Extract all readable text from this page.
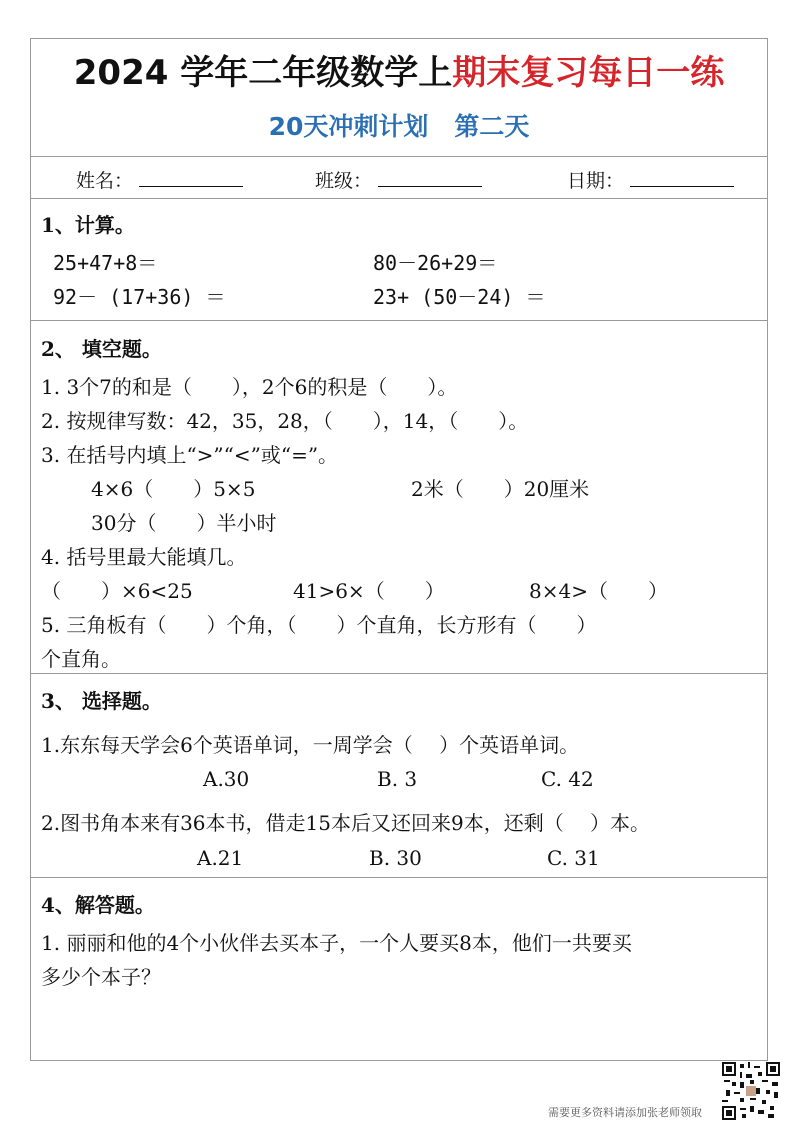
2024 学年二年级数学上期末复习每日一练
20天冲刺计划 第二天
姓名：	班级：	日期：
1、计算。
25+47+8＝	80－26+29＝
92－ (17+36) ＝	23+ (50－24) ＝
2、 填空题。
1. 3个7的和是（　　），2个6的积是（　　）。
2. 按规律写数：42，35，28，（　　），14，（　　）。
3. 在括号内填上“>”“<”或“=”。
4×6（　　）5×5	2米（　　）20厘米
30分（　　）半小时
4. 括号里最大能填几。
（　　）×6<25	41>6×（　　）	8×4>（　　）
5. 三角板有（　　）个角，（　　）个直角，长方形有（　　）
个直角。
3、 选择题。
1.东东每天学会6个英语单词，一周学会（　 ）个英语单词。
A.30	B. 3	C. 42
2.图书角本来有36本书，借走15本后又还回来9本，还剩（　 ）本。
A.21	B. 30	C. 31
4、解答题。
1. 丽丽和他的4个小伙伴去买本子，一个人要买8本，他们一共要买
多少个本子？
需要更多资料请添加张老师领取
